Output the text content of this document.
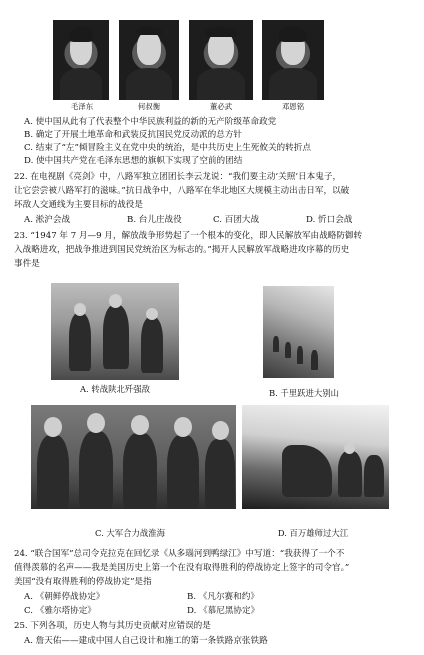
毛泽东	何叔衡	董必武	邓恩铭
A. 使中国从此有了代表整个中华民族利益的新的无产阶级革命政党
B. 确定了开展土地革命和武装反抗国民党反动派的总方针
C. 结束了“左”倾冒险主义在党中央的统治，是中共历史上生死攸关的转折点
D. 使中国共产党在毛泽东思想的旗帜下实现了空前的团结
22. 在电视剧《亮剑》中，八路军独立团团长李云龙说：“我们要主动‘关照’日本鬼子，
让它尝尝被八路军打的滋味。”抗日战争中，八路军在华北地区大规模主动出击日军，以破
坏敌人交通线为主要目标的战役是
A. 淞沪会战	B. 台儿庄战役	C. 百团大战	D. 忻口会战
23. “1947 年 7 月—9 月，解放战争形势起了一个根本的变化，即人民解放军由战略防御转
入战略进攻，把战争推进到国民党统治区为标志的。”揭开人民解放军战略进攻序幕的历史
事件是
A. 转战陕北歼强敌	B. 千里跃进大别山
C. 大军合力战淮海	D. 百万雄师过大江
24. “联合国军”总司令克拉克在回忆录《从多瑙河到鸭绿江》中写道：“我获得了一个不
值得羡慕的名声——我是美国历史上第一个在没有取得胜利的停战协定上签字的司令官。”
美国“没有取得胜利的停战协定”是指
A. 《朝鲜停战协定》	B. 《凡尔赛和约》
C. 《雅尔塔协定》	D. 《慕尼黑协定》
25. 下列各项，历史人物与其历史贡献对应错误的是
A. 詹天佑——建成中国人自己设计和施工的第一条铁路京张铁路
